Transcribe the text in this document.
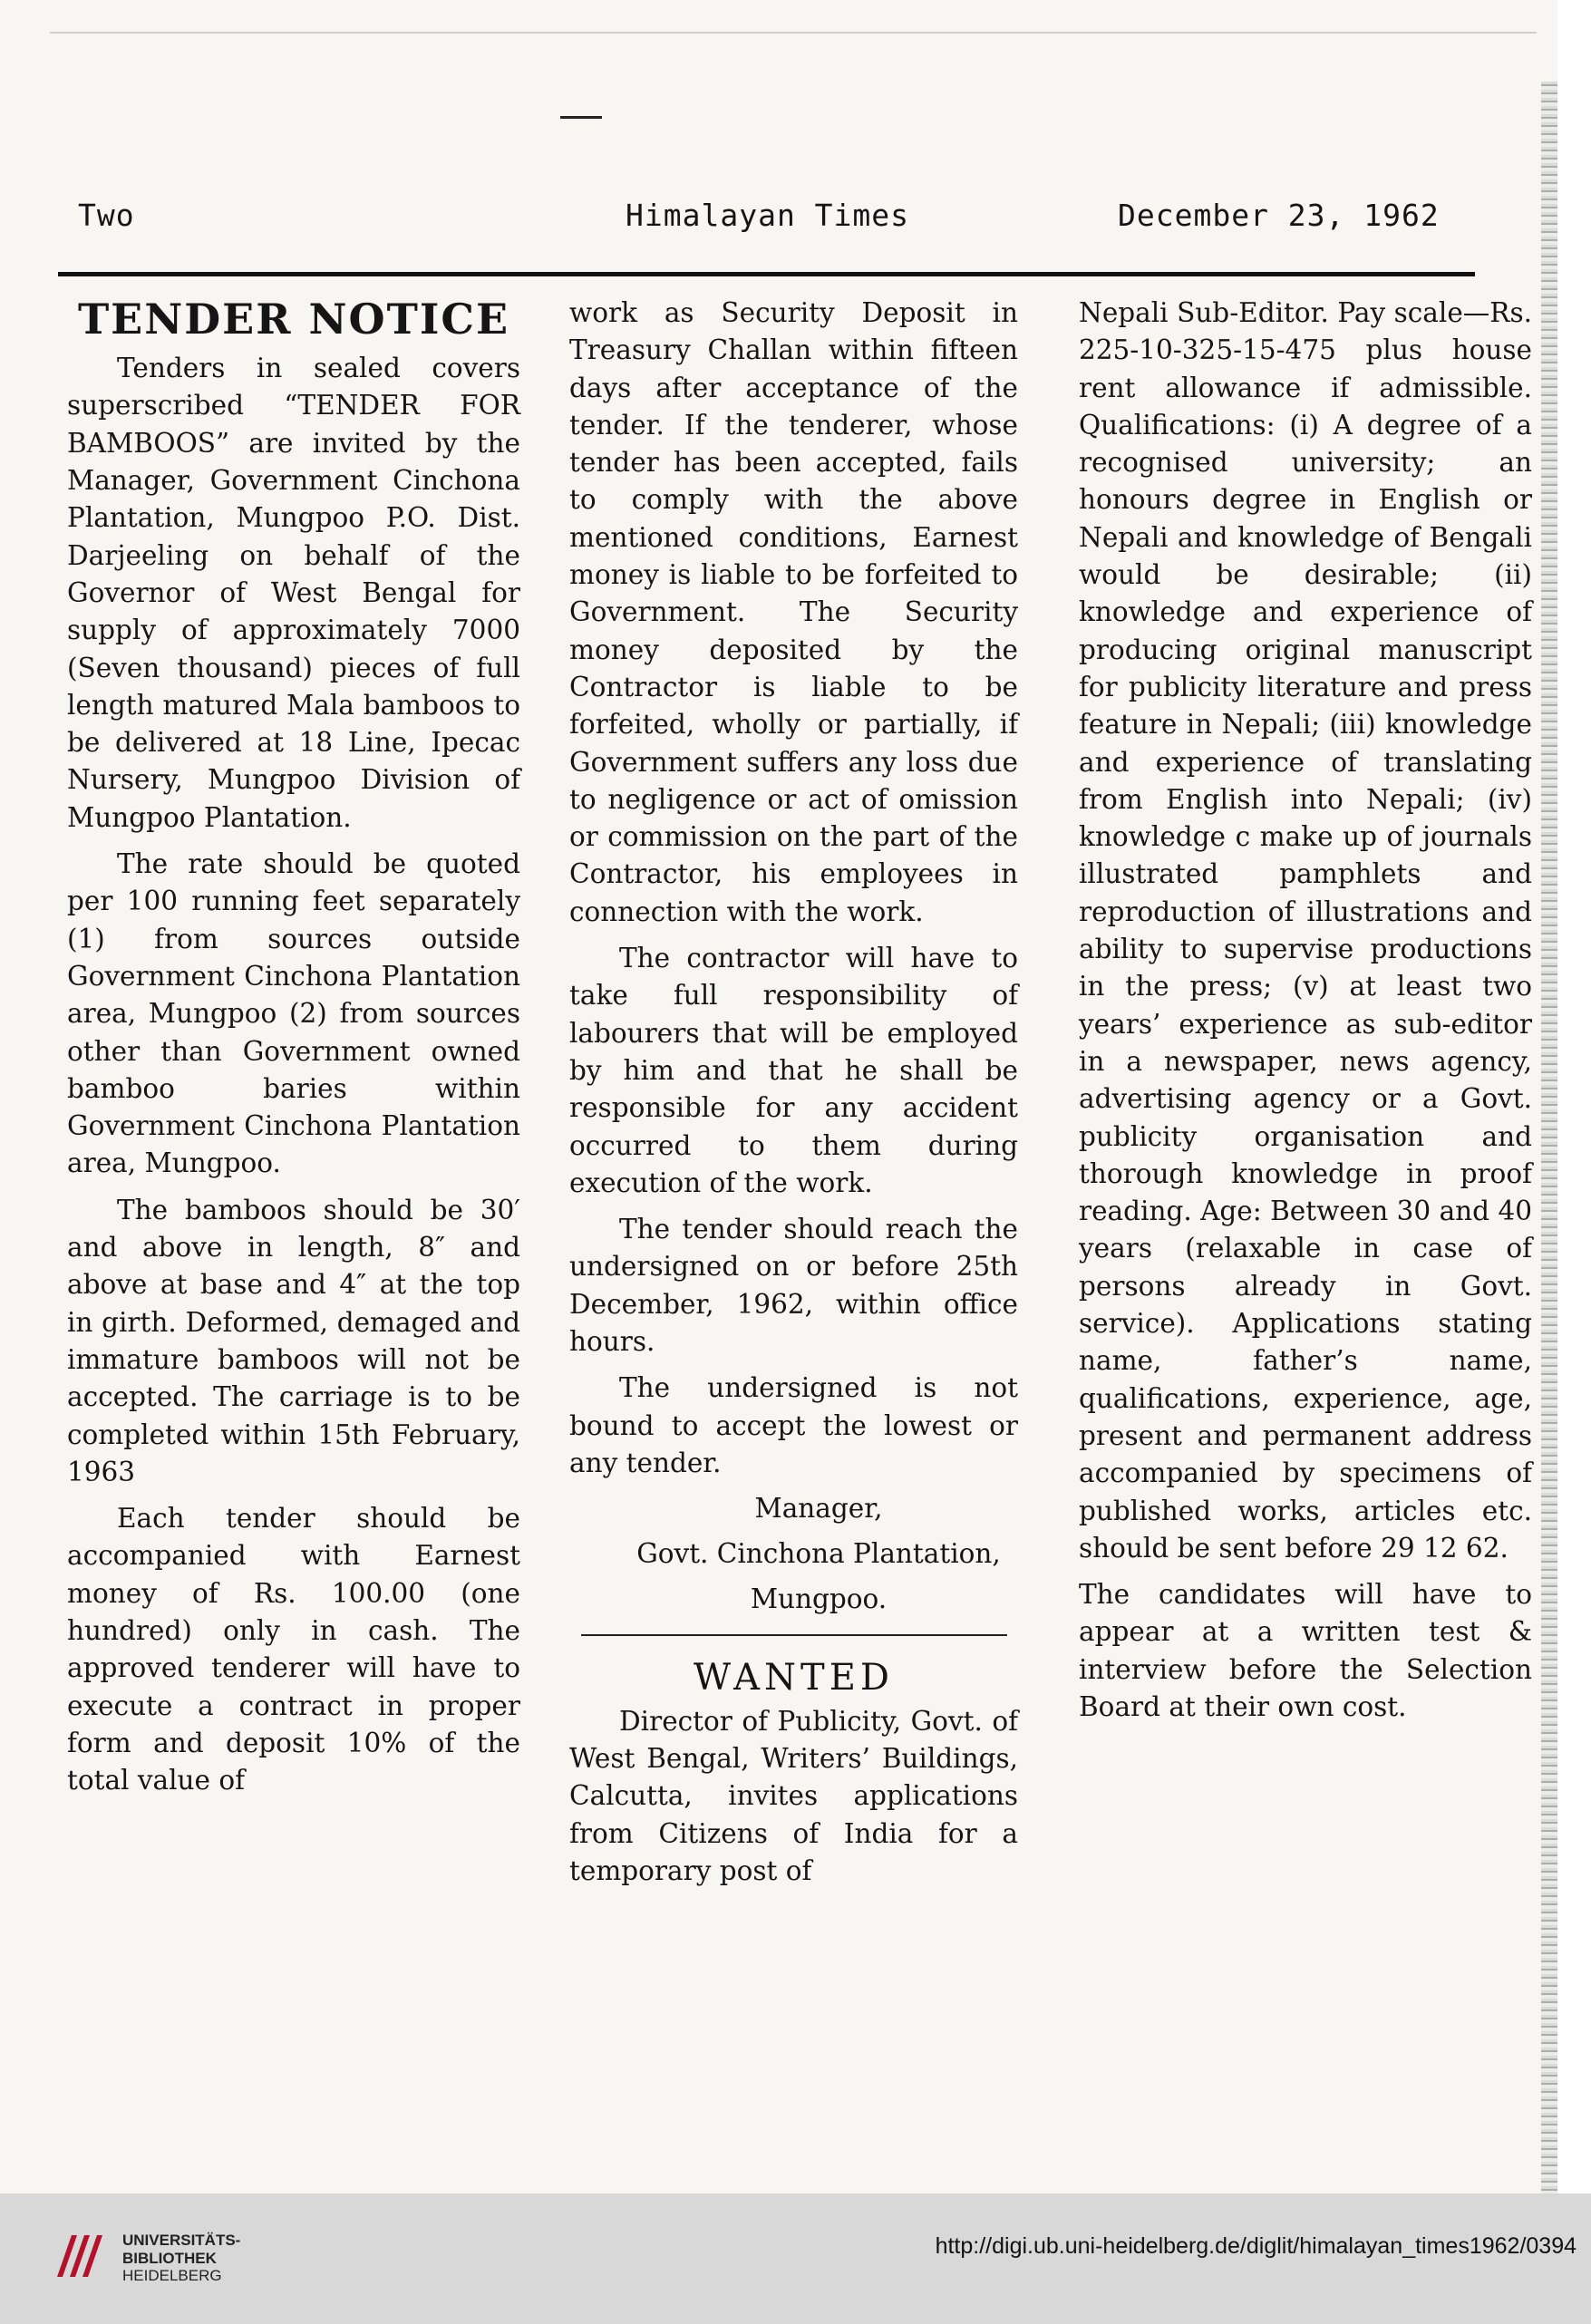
Two	Himalayan Times	December 23, 1962
TENDER NOTICE

Tenders in sealed covers superscribed “TENDER FOR BAMBOOS” are invited by the Manager, Government Cinchona Plantation, Mungpoo P.O. Dist. Darjeeling on behalf of the Governor of West Bengal for supply of approximately 7000 (Seven thousand) pieces of full length matured Mala bamboos to be delivered at 18 Line, Ipecac Nursery, Mungpoo Division of Mungpoo Plantation.

The rate should be quoted per 100 running feet separately (1) from sources outside Government Cinchona Plantation area, Mungpoo (2) from sources other than Government owned bamboo baries within Government Cinchona Plantation area, Mungpoo.

The bamboos should be 30′ and above in length, 8″ and above at base and 4″ at the top in girth. Deformed, demaged and immature bamboos will not be accepted. The carriage is to be completed within 15th February, 1963

Each tender should be accompanied with Earnest money of Rs. 100.00 (one hundred) only in cash. The approved tenderer will have to execute a contract in proper form and deposit 10% of the total value of

work as Security Deposit in Treasury Challan within fifteen days after acceptance of the tender. If the tenderer, whose tender has been accepted, fails to comply with the above mentioned conditions, Earnest money is liable to be forfeited to Government. The Security money deposited by the Contractor is liable to be forfeited, wholly or partially, if Government suffers any loss due to negligence or act of omission or commission on the part of the Contractor, his employees in connection with the work.

The contractor will have to take full responsibility of labourers that will be employed by him and that he shall be responsible for any accident occurred to them during execution of the work.

The tender should reach the undersigned on or before 25th December, 1962, within office hours.

The undersigned is not bound to accept the lowest or any tender.

Manager,

Govt. Cinchona Plantation,

Mungpoo.

WANTED

Director of Publicity, Govt. of West Bengal, Writers’ Buildings, Calcutta, invites applications from Citizens of India for a temporary post of

Nepali Sub-Editor. Pay scale—Rs. 225-10-325-15-475 plus house rent allowance if admissible. Qualifications: (i) A degree of a recognised university; an honours degree in English or Nepali and knowledge of Bengali would be desirable; (ii) knowledge and experience of producing original manuscript for publicity literature and press feature in Nepali; (iii) knowledge and experience of translating from English into Nepali; (iv) knowledge c make up of journals illustrated pamphlets and reproduction of illustrations and ability to supervise productions in the press; (v) at least two years’ experience as sub-editor in a newspaper, news agency, advertising agency or a Govt. publicity organisation and thorough knowledge in proof reading. Age: Between 30 and 40 years (relaxable in case of persons already in Govt. service). Applications stating name, father’s name, qualifications, experience, age, present and permanent address accompanied by specimens of published works, articles etc. should be sent before 29 12 62.

The candidates will have to appear at a written test & interview before the Selection Board at their own cost.

UNIVERSITÄTS-
BIBLIOTHEK
HEIDELBERG
http://digi.ub.uni-heidelberg.de/diglit/himalayan_times1962/0394
